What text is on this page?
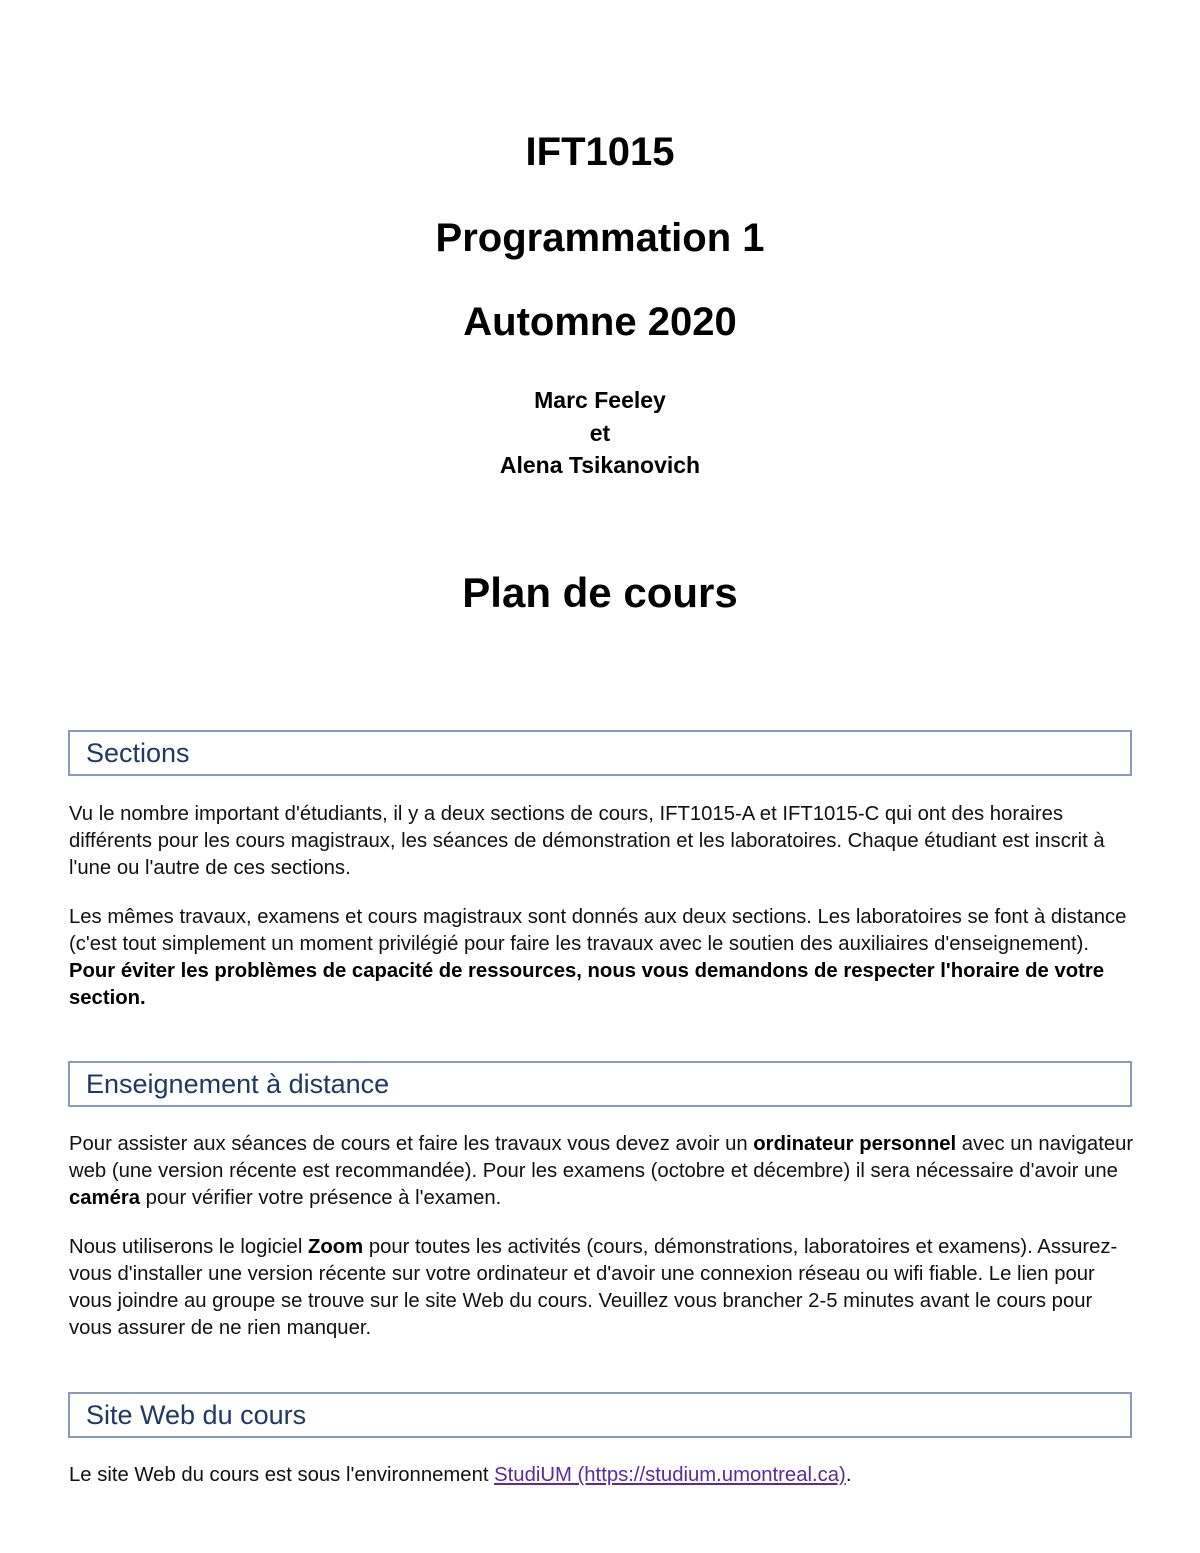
IFT1015
Programmation 1
Automne 2020
Marc Feeley
et
Alena Tsikanovich
Plan de cours
Sections

Vu le nombre important d'étudiants, il y a deux sections de cours, IFT1015-A et IFT1015-C qui ont des horaires différents pour les cours magistraux, les séances de démonstration et les laboratoires. Chaque étudiant est inscrit à l'une ou l'autre de ces sections.

Les mêmes travaux, examens et cours magistraux sont donnés aux deux sections. Les laboratoires se font à distance (c'est tout simplement un moment privilégié pour faire les travaux avec le soutien des auxiliaires d'enseignement). Pour éviter les problèmes de capacité de ressources, nous vous demandons de respecter l'horaire de votre section.

Enseignement à distance

Pour assister aux séances de cours et faire les travaux vous devez avoir un ordinateur personnel avec un navigateur web (une version récente est recommandée). Pour les examens (octobre et décembre) il sera nécessaire d'avoir une caméra pour vérifier votre présence à l'examen.

Nous utiliserons le logiciel Zoom pour toutes les activités (cours, démonstrations, laboratoires et examens). Assurez-vous d'installer une version récente sur votre ordinateur et d'avoir une connexion réseau ou wifi fiable. Le lien pour vous joindre au groupe se trouve sur le site Web du cours. Veuillez vous brancher 2-5 minutes avant le cours pour vous assurer de ne rien manquer.

Site Web du cours

Le site Web du cours est sous l'environnement StudiUM (https://studium.umontreal.ca).
